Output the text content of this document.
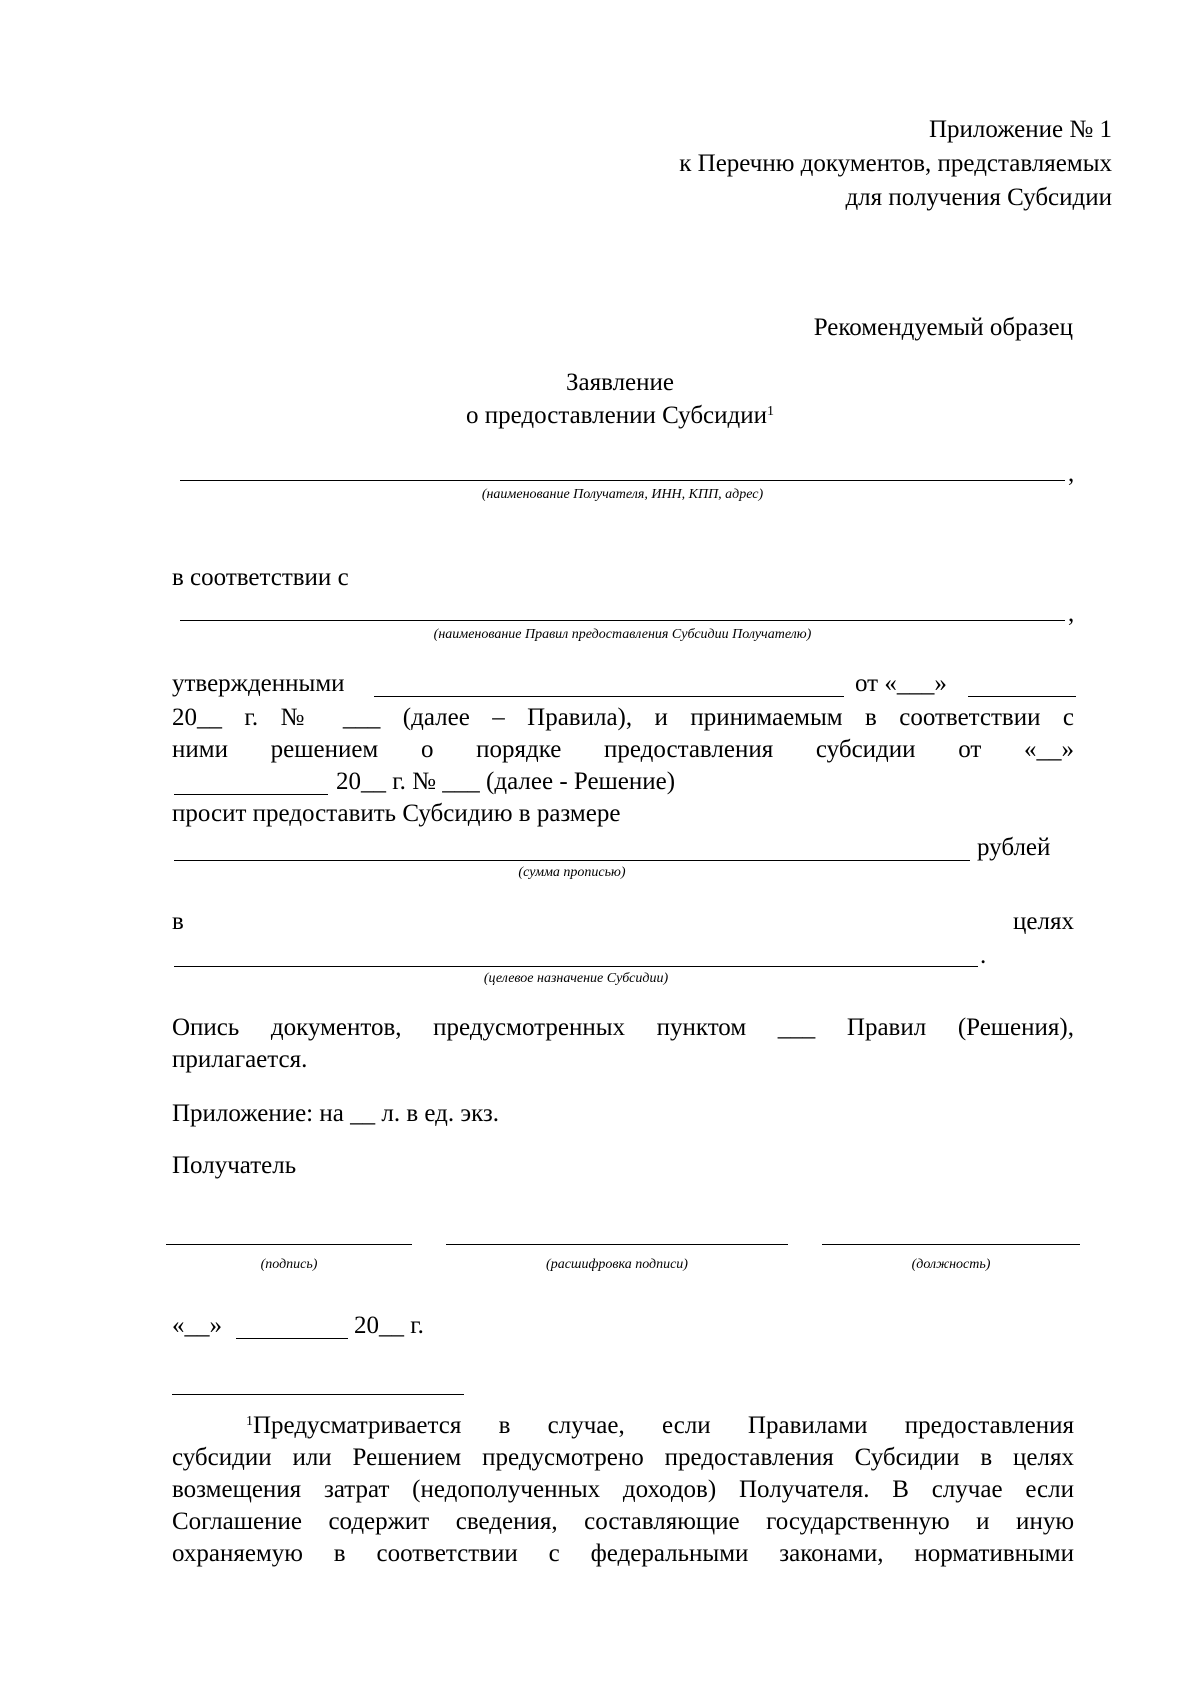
Приложение № 1
к Перечню документов, представляемых
для получения Субсидии
Рекомендуемый образец
Заявление
о предоставлении Субсидии$^1$
,
(наименование Получателя, ИНН, КПП, адрес)
в соответствии с
,
(наименование Правил предоставления Субсидии Получателю)
утвержденными	от «___»
20__ г. № ___ (далее – Правила), и принимаемым в соответствии с
ними решением о порядке предоставления субсидии от «__»
20__ г. № ___ (далее - Решение)
просит предоставить Субсидию в размере
рублей
(сумма прописью)
в	целях
.
(целевое назначение Субсидии)
Опись документов, предусмотренных пунктом ___ Правил (Решения),
прилагается.
Приложение: на __ л. в ед. экз.
Получатель
(подпись)	(расшифровка подписи)	(должность)
«__»	20__ г.
$^1$Предусматривается в случае, если Правилами предоставления
субсидии или Решением предусмотрено предоставления Субсидии в целях
возмещения затрат (недополученных доходов) Получателя. В случае если
Соглашение содержит сведения, составляющие государственную и иную
охраняемую в соответствии с федеральными законами, нормативными
